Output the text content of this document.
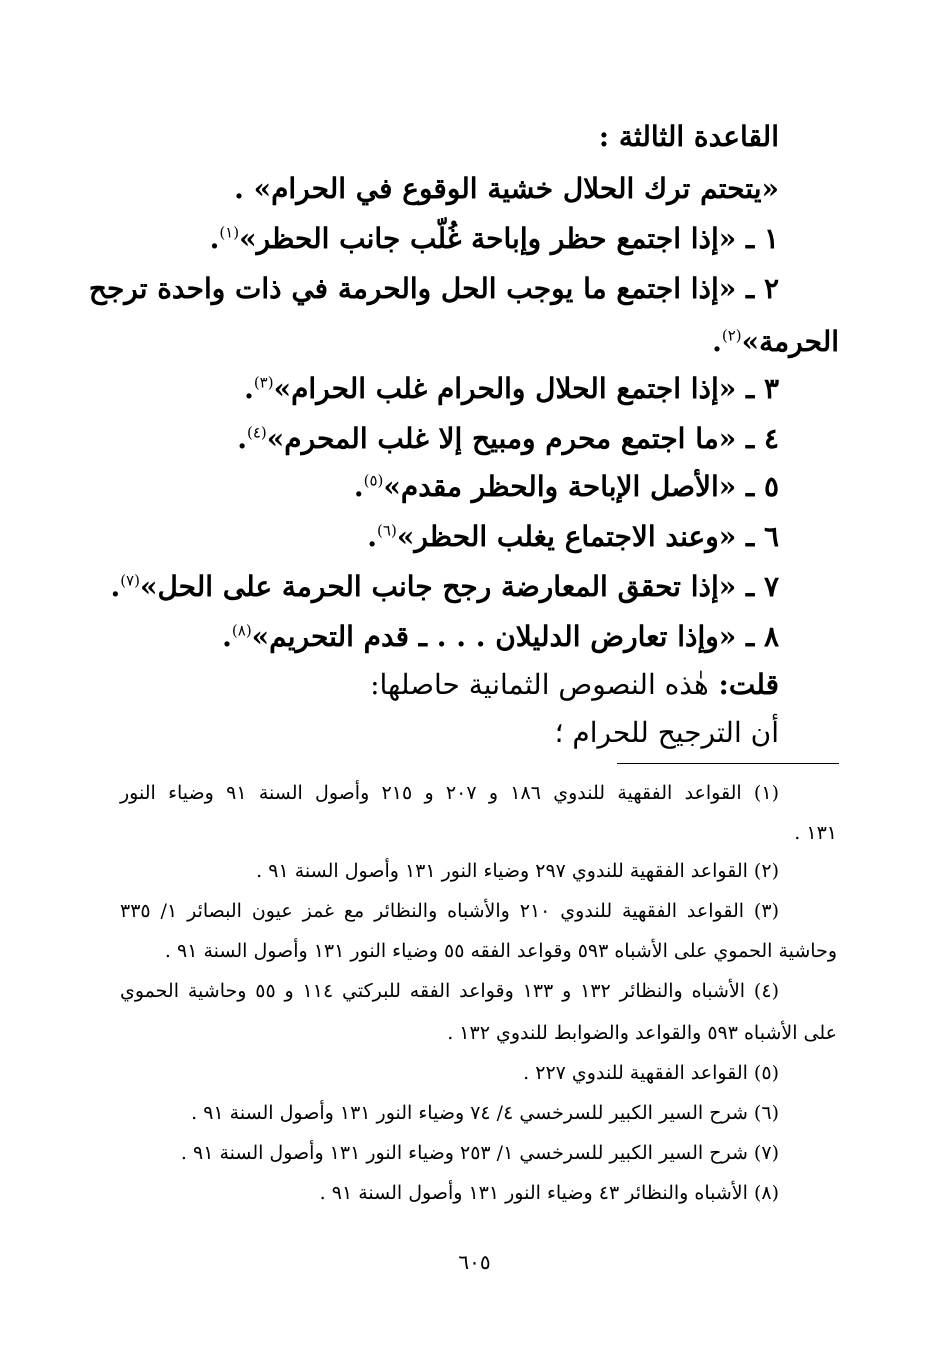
القاعدة الثالثة :
«يتحتم ترك الحلال خشية الوقوع في الحرام» .
١ ـ «إذا اجتمع حظر وإباحة غُلّب جانب الحظر»$^{(١)}$.
٢ ـ «إذا اجتمع ما يوجب الحل والحرمة في ذات واحدة ترجح
الحرمة»$^{(٢)}$.
٣ ـ «إذا اجتمع الحلال والحرام غلب الحرام»$^{(٣)}$.
٤ ـ «ما اجتمع محرم ومبيح إلا غلب المحرم»$^{(٤)}$.
٥ ـ «الأصل الإباحة والحظر مقدم»$^{(٥)}$.
٦ ـ «وعند الاجتماع يغلب الحظر»$^{(٦)}$.
٧ ـ «إذا تحقق المعارضة رجح جانب الحرمة على الحل»$^{(٧)}$.
٨ ـ «وإذا تعارض الدليلان . . . ـ قدم التحريم»$^{(٨)}$.
قلت: هٰذه النصوص الثمانية حاصلها:
أن الترجيح للحرام ؛
(١) القواعد الفقهية للندوي ١٨٦ و ٢٠٧ و ٢١٥ وأصول السنة ٩١ وضياء النور
. ١٣١
(٢) القواعد الفقهية للندوي ٢٩٧ وضياء النور ١٣١ وأصول السنة ٩١ .
(٣) القواعد الفقهية للندوي ٢١٠ والأشباه والنظائر مع غمز عيون البصائر ١/ ٣٣٥
وحاشية الحموي على الأشباه ٥٩٣ وقواعد الفقه ٥٥ وضياء النور ١٣١ وأصول السنة ٩١ .
(٤) الأشباه والنظائر ١٣٢ و ١٣٣ وقواعد الفقه للبركتي ١١٤ و ٥٥ وحاشية الحموي
على الأشباه ٥٩٣ والقواعد والضوابط للندوي ١٣٢ .
(٥) القواعد الفقهية للندوي ٢٢٧ .
(٦) شرح السير الكبير للسرخسي ٤/ ٧٤ وضياء النور ١٣١ وأصول السنة ٩١ .
(٧) شرح السير الكبير للسرخسي ١/ ٢٥٣ وضياء النور ١٣١ وأصول السنة ٩١ .
(٨) الأشباه والنظائر ٤٣ وضياء النور ١٣١ وأصول السنة ٩١ .
٦٠٥
